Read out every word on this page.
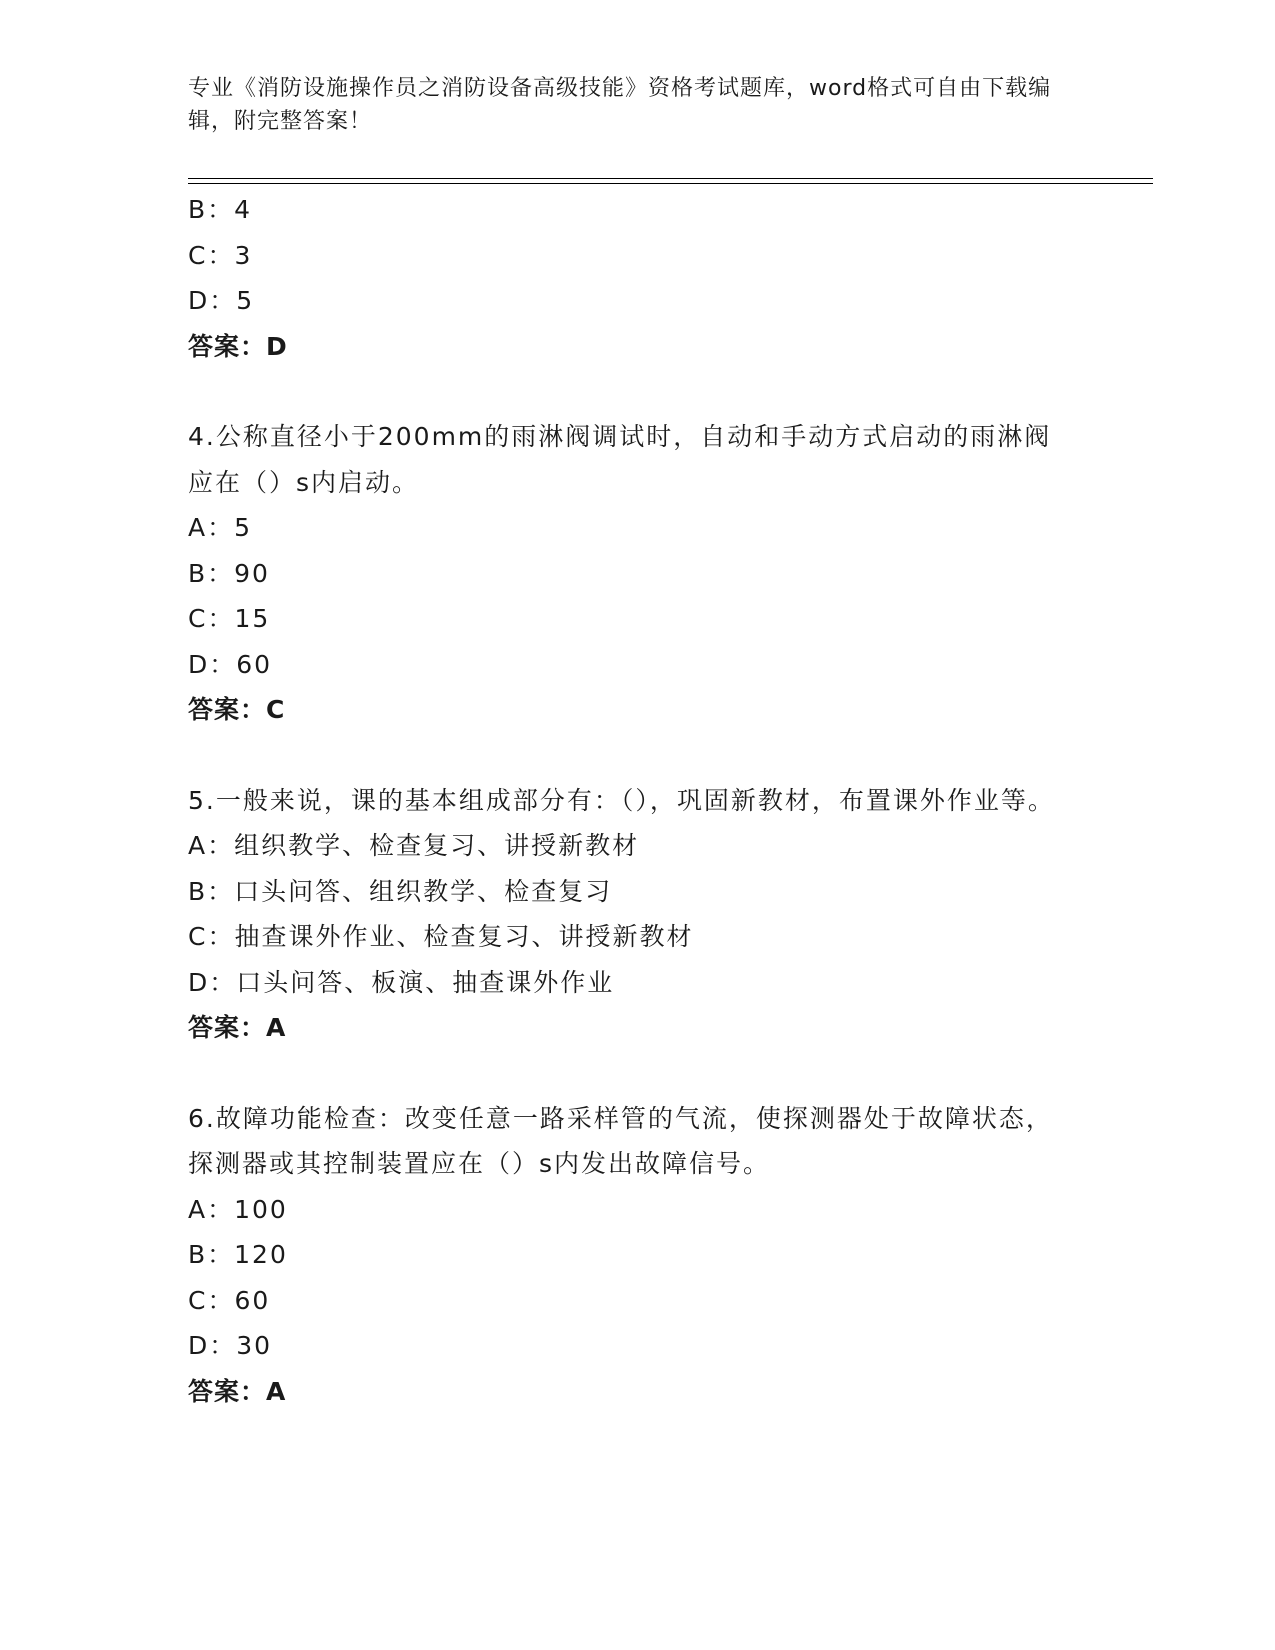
专业《消防设施操作员之消防设备高级技能》资格考试题库，word格式可自由下载编辑，附完整答案！
B：4
C：3
D：5
答案：D
4.公称直径小于200mm的雨淋阀调试时，自动和手动方式启动的雨淋阀应在（）s内启动。
A：5
B：90
C：15
D：60
答案：C
5.一般来说，课的基本组成部分有：（），巩固新教材，布置课外作业等。
A：组织教学、检查复习、讲授新教材
B：口头问答、组织教学、检查复习
C：抽查课外作业、检查复习、讲授新教材
D：口头问答、板演、抽查课外作业
答案：A
6.故障功能检查：改变任意一路采样管的气流，使探测器处于故障状态，探测器或其控制装置应在（）s内发出故障信号。
A：100
B：120
C：60
D：30
答案：A
